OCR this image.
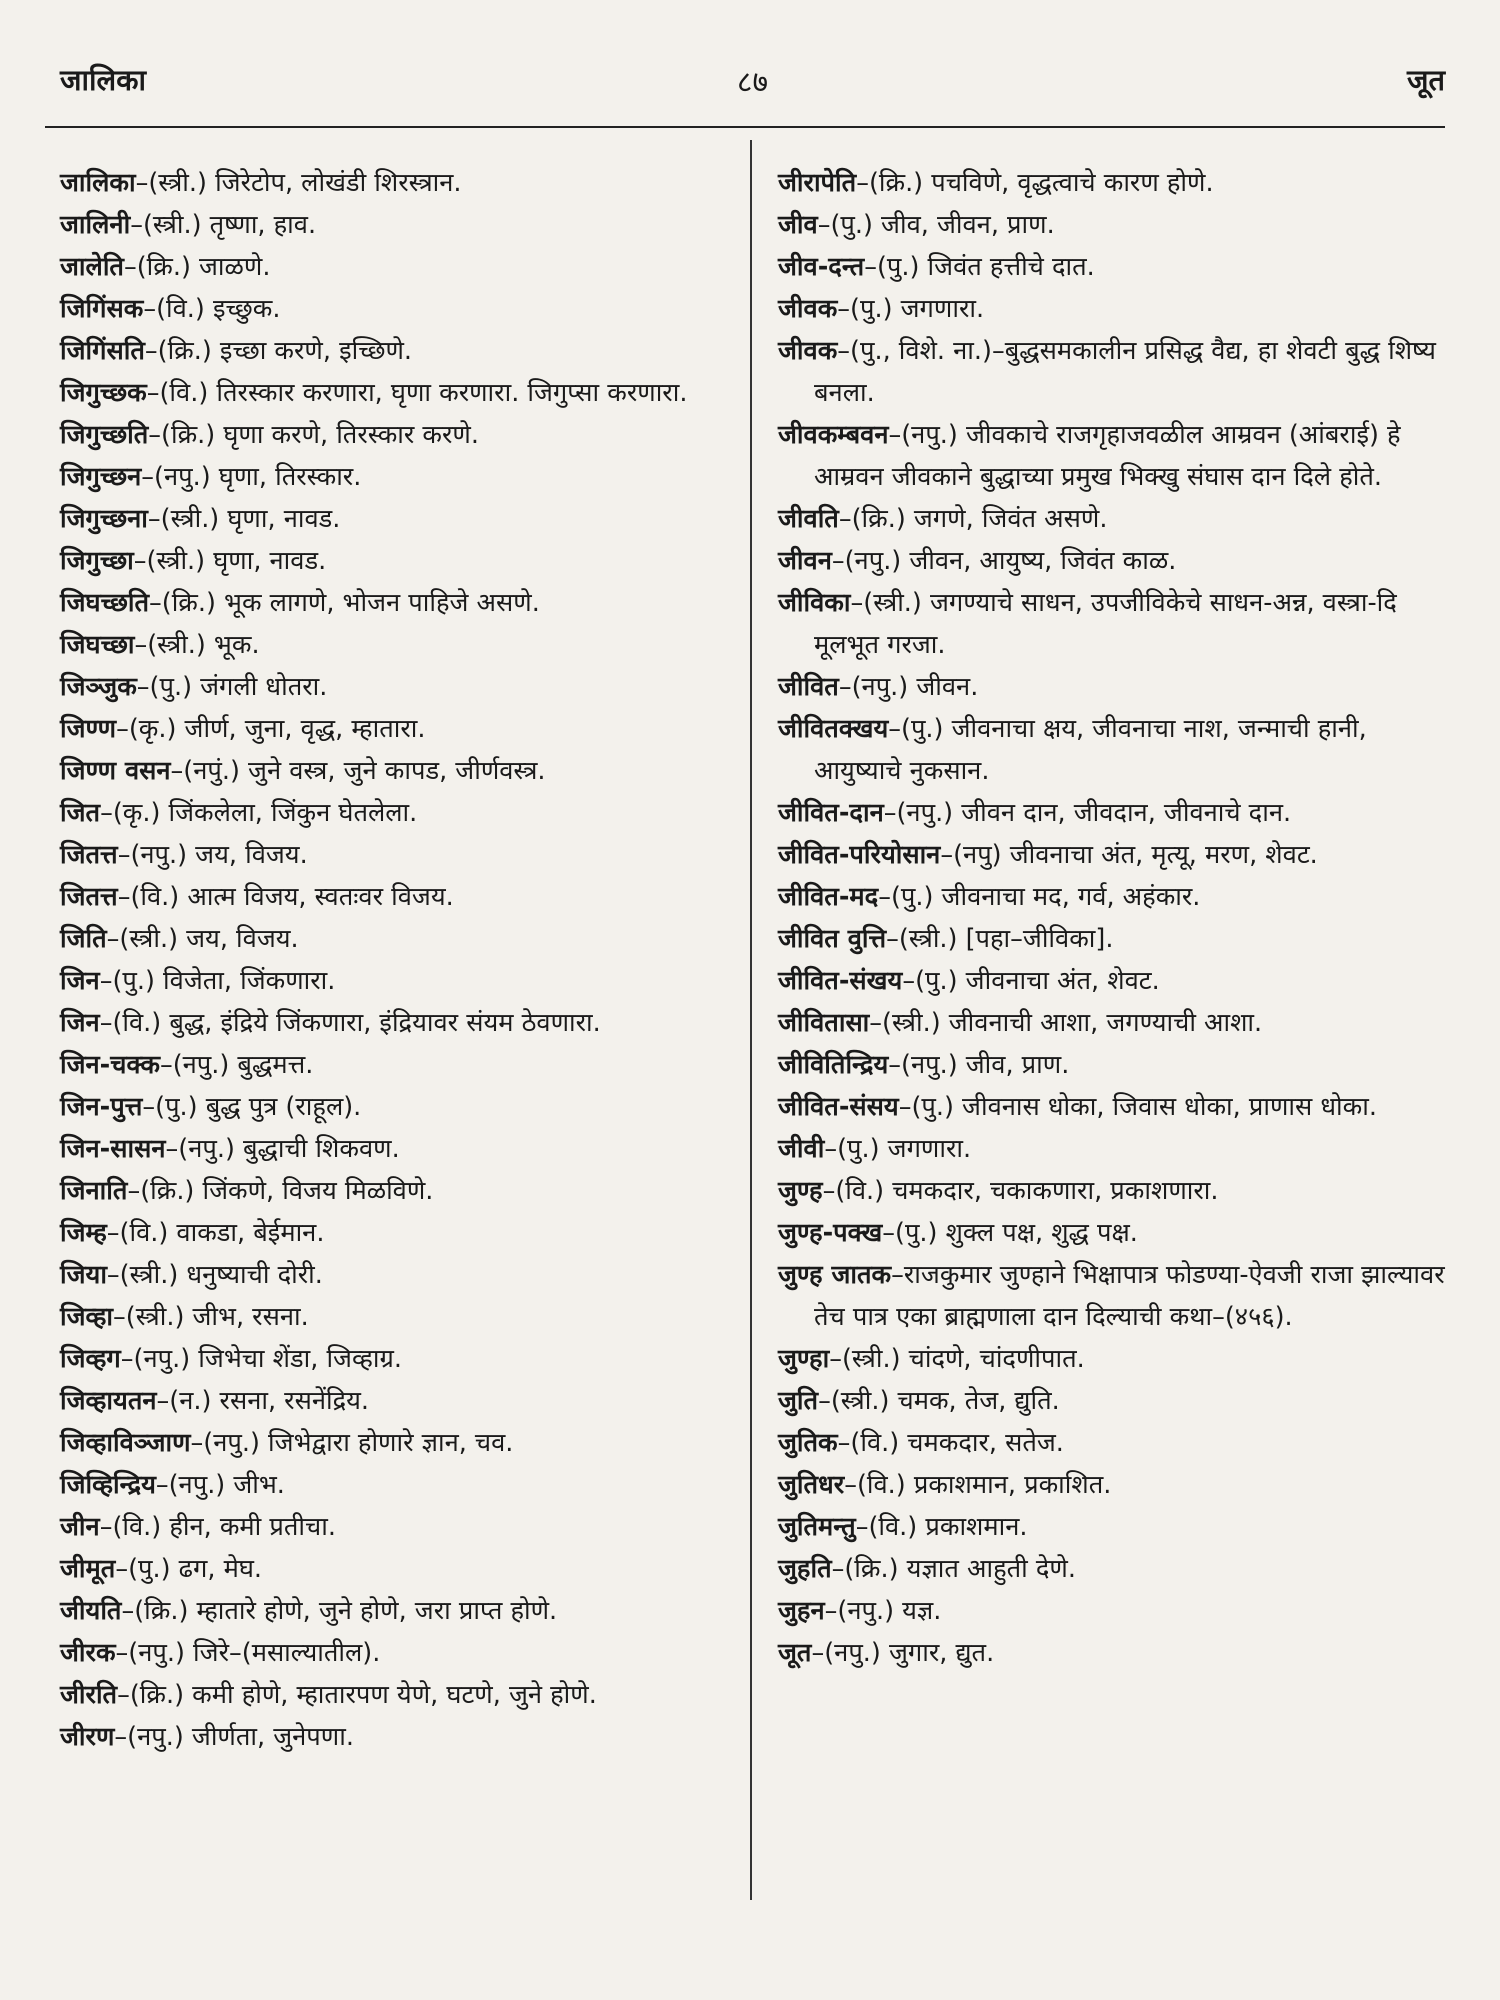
जालिका	८७	जूत

जालिका–(स्त्री.) जिरेटोप, लोखंडी शिरस्त्रान.

जालिनी–(स्त्री.) तृष्णा, हाव.

जालेति–(क्रि.) जाळणे.

जिगिंसक–(वि.) इच्छुक.

जिगिंसति–(क्रि.) इच्छा करणे, इच्छिणे.

जिगुच्छक–(वि.) तिरस्कार करणारा, घृणा करणारा. जिगुप्सा करणारा.

जिगुच्छति–(क्रि.) घृणा करणे, तिरस्कार करणे.

जिगुच्छन–(नपु.) घृणा, तिरस्कार.

जिगुच्छना–(स्त्री.) घृणा, नावड.

जिगुच्छा–(स्त्री.) घृणा, नावड.

जिघच्छति–(क्रि.) भूक लागणे, भोजन पाहिजे असणे.

जिघच्छा–(स्त्री.) भूक.

जिञ्जुक–(पु.) जंगली धोतरा.

जिण्ण–(कृ.) जीर्ण, जुना, वृद्ध, म्हातारा.

जिण्ण वसन–(नपुं.) जुने वस्त्र, जुने कापड, जीर्णवस्त्र.

जित–(कृ.) जिंकलेला, जिंकुन घेतलेला.

जितत्त–(नपु.) जय, विजय.

जितत्त–(वि.) आत्म विजय, स्वतःवर विजय.

जिति–(स्त्री.) जय, विजय.

जिन–(पु.) विजेता, जिंकणारा.

जिन–(वि.) बुद्ध, इंद्रिये जिंकणारा, इंद्रियावर संयम ठेवणारा.

जिन-चक्क–(नपु.) बुद्धमत्त.

जिन-पुत्त–(पु.) बुद्ध पुत्र (राहूल).

जिन-सासन–(नपु.) बुद्धाची शिकवण.

जिनाति–(क्रि.) जिंकणे, विजय मिळविणे.

जिम्ह–(वि.) वाकडा, बेईमान.

जिया–(स्त्री.) धनुष्याची दोरी.

जिव्हा–(स्त्री.) जीभ, रसना.

जिव्हग–(नपु.) जिभेचा शेंडा, जिव्हाग्र.

जिव्हायतन–(न.) रसना, रसनेंद्रिय.

जिव्हाविञ्जाण–(नपु.) जिभेद्वारा होणारे ज्ञान, चव.

जिव्हिन्द्रिय–(नपु.) जीभ.

जीन–(वि.) हीन, कमी प्रतीचा.

जीमूत–(पु.) ढग, मेघ.

जीयति–(क्रि.) म्हातारे होणे, जुने होणे, जरा प्राप्त होणे.

जीरक–(नपु.) जिरे–(मसाल्यातील).

जीरति–(क्रि.) कमी होणे, म्हातारपण येणे, घटणे, जुने होणे.

जीरण–(नपु.) जीर्णता, जुनेपणा.

जीरापेति–(क्रि.) पचविणे, वृद्धत्वाचे कारण होणे.

जीव–(पु.) जीव, जीवन, प्राण.

जीव-दन्त–(पु.) जिवंत हत्तीचे दात.

जीवक–(पु.) जगणारा.

जीवक–(पु., विशे. ना.)–बुद्धसमकालीन प्रसिद्ध वैद्य, हा शेवटी बुद्ध शिष्य बनला.

जीवकम्बवन–(नपु.) जीवकाचे राजगृहाजवळील आम्रवन (आंबराई) हे आम्रवन जीवकाने बुद्धाच्या प्रमुख भिक्खु संघास दान दिले होते.

जीवति–(क्रि.) जगणे, जिवंत असणे.

जीवन–(नपु.) जीवन, आयुष्य, जिवंत काळ.

जीविका–(स्त्री.) जगण्याचे साधन, उपजीविकेचे साधन-अन्न, वस्त्रा-दि मूलभूत गरजा.

जीवित–(नपु.) जीवन.

जीवितक्खय–(पु.) जीवनाचा क्षय, जीवनाचा नाश, जन्माची हानी, आयुष्याचे नुकसान.

जीवित-दान–(नपु.) जीवन दान, जीवदान, जीवनाचे दान.

जीवित-परियोसान–(नपु) जीवनाचा अंत, मृत्यू, मरण, शेवट.

जीवित-मद–(पु.) जीवनाचा मद, गर्व, अहंकार.

जीवित वुत्ति–(स्त्री.) [पहा–जीविका].

जीवित-संखय–(पु.) जीवनाचा अंत, शेवट.

जीवितासा–(स्त्री.) जीवनाची आशा, जगण्याची आशा.

जीवितिन्द्रिय–(नपु.) जीव, प्राण.

जीवित-संसय–(पु.) जीवनास धोका, जिवास धोका, प्राणास धोका.

जीवी–(पु.) जगणारा.

जुण्ह–(वि.) चमकदार, चकाकणारा, प्रकाशणारा.

जुण्ह-पक्ख–(पु.) शुक्ल पक्ष, शुद्ध पक्ष.

जुण्ह जातक–राजकुमार जुण्हाने भिक्षापात्र फोडण्या-ऐवजी राजा झाल्यावर तेच पात्र एका ब्राह्मणाला दान दिल्याची कथा–(४५६).

जुण्हा–(स्त्री.) चांदणे, चांदणीपात.

जुति–(स्त्री.) चमक, तेज, द्युति.

जुतिक–(वि.) चमकदार, सतेज.

जुतिधर–(वि.) प्रकाशमान, प्रकाशित.

जुतिमन्तु–(वि.) प्रकाशमान.

जुहति–(क्रि.) यज्ञात आहुती देणे.

जुहन–(नपु.) यज्ञ.

जूत–(नपु.) जुगार, द्युत.
